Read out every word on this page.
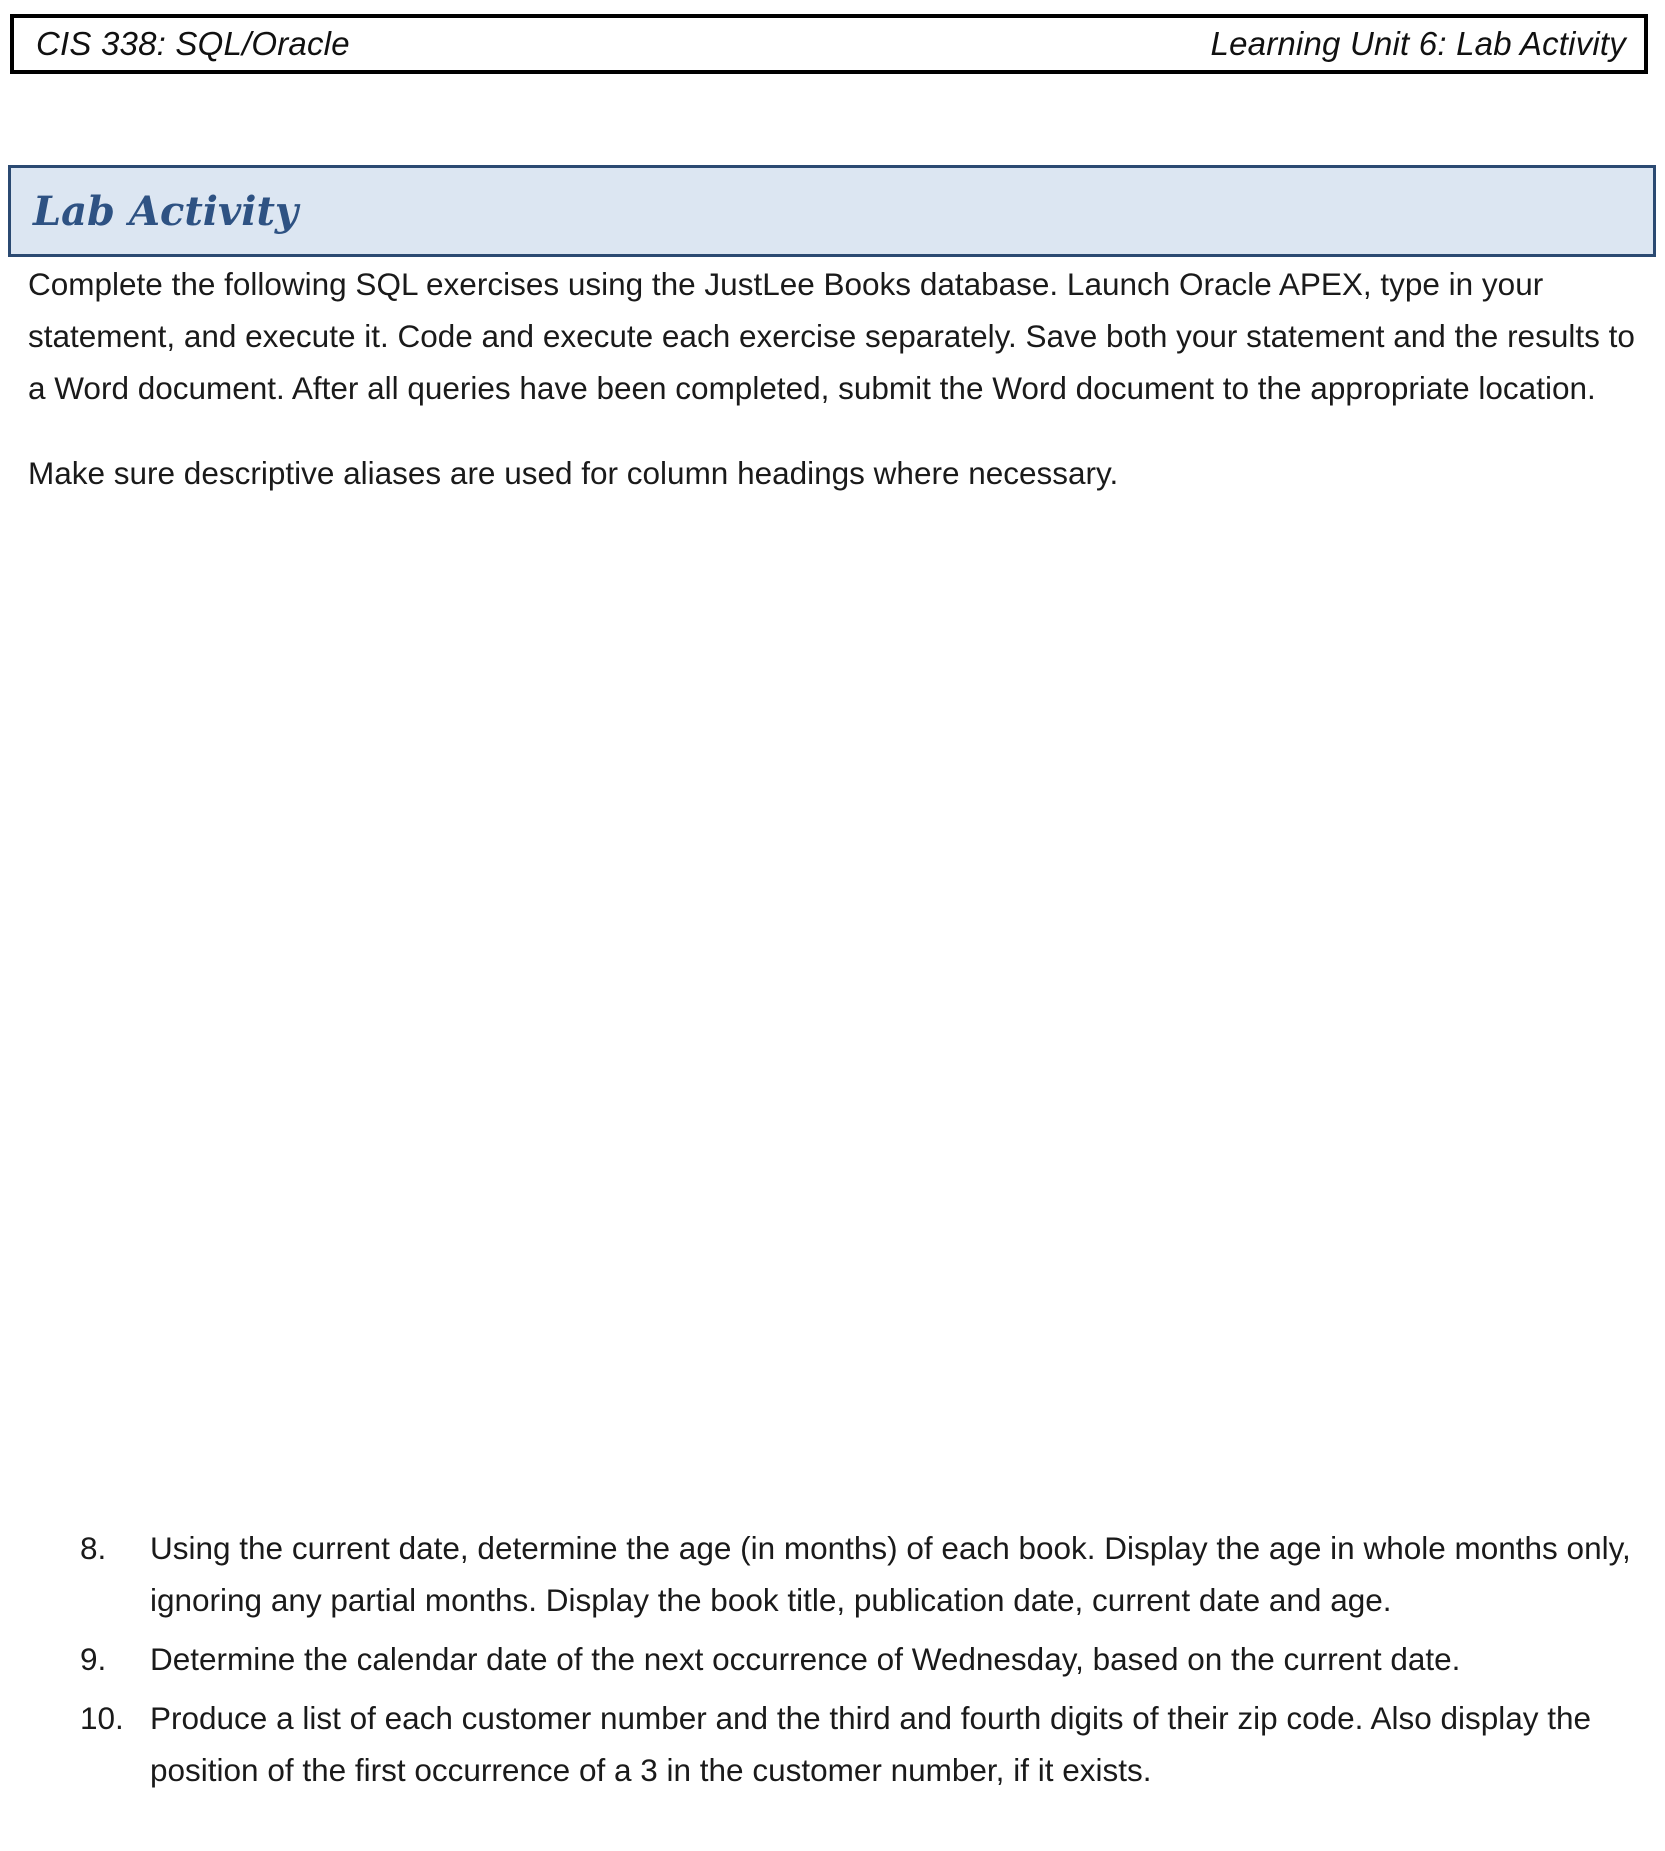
CIS 338: SQL/Oracle	Learning Unit 6: Lab Activity
Lab Activity

Complete the following SQL exercises using the JustLee Books database. Launch Oracle APEX, type in your statement, and execute it. Code and execute each exercise separately. Save both your statement and the results to a Word document. After all queries have been completed, submit the Word document to the appropriate location.

Make sure descriptive aliases are used for column headings where necessary.

8.	Using the current date, determine the age (in months) of each book. Display the age in whole months only, ignoring any partial months. Display the book title, publication date, current date and age.
9.	Determine the calendar date of the next occurrence of Wednesday, based on the current date.
10. Produce a list of each customer number and the third and fourth digits of their zip code. Also display the position of the first occurrence of a 3 in the customer number, if it exists.
